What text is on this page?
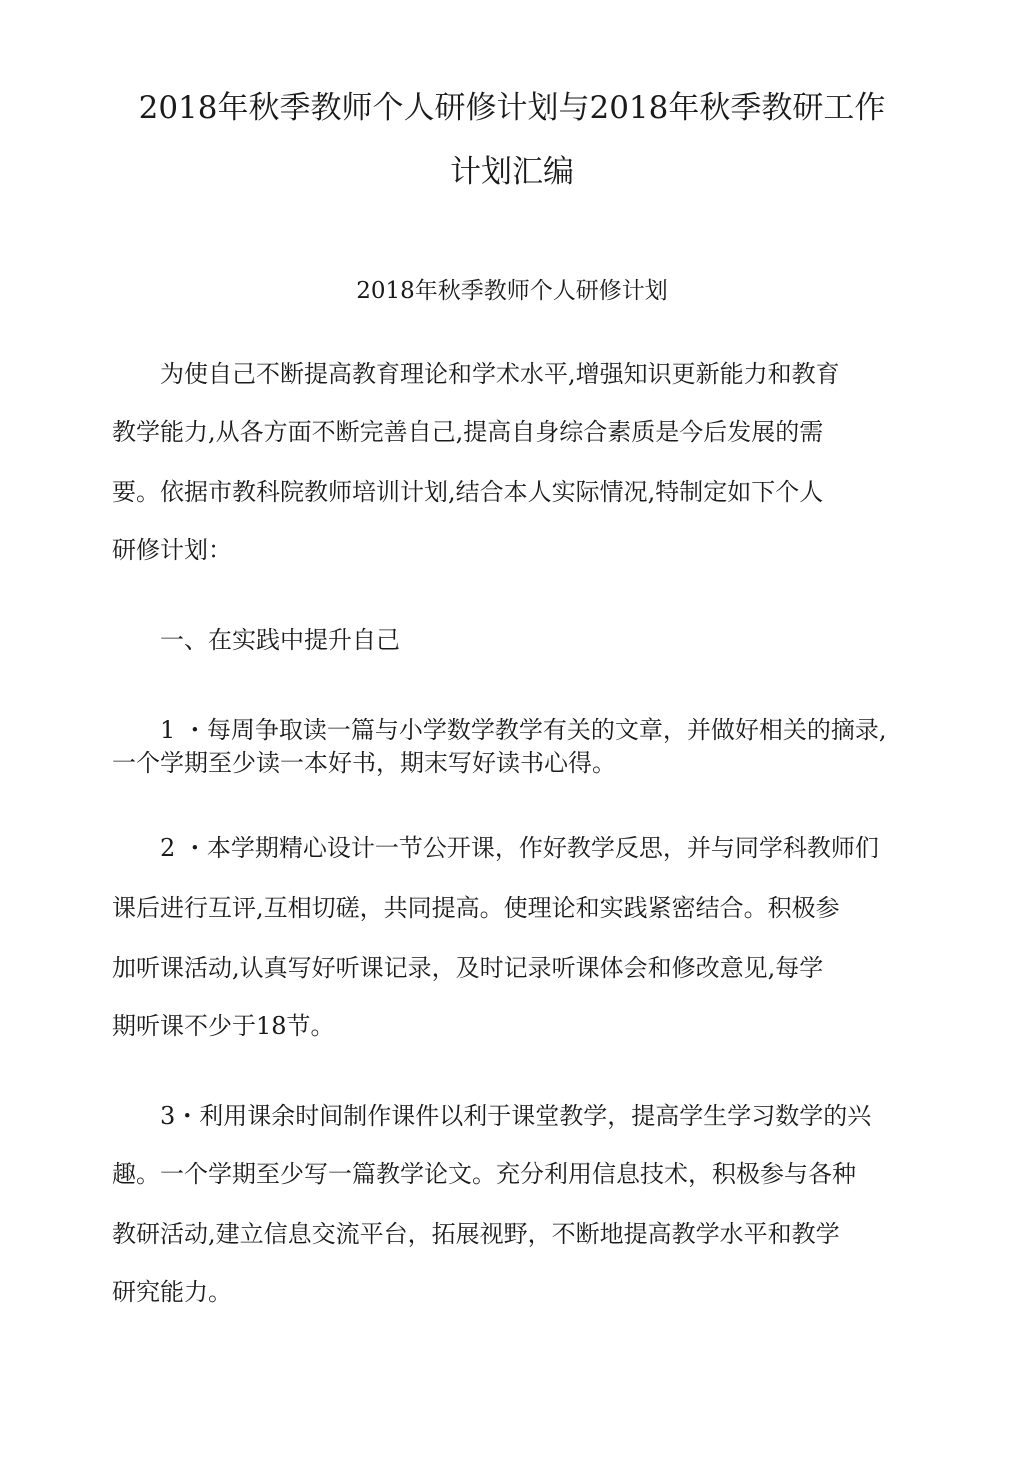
2018年秋季教师个人研修计划与2018年秋季教研工作
计划汇编
2018年秋季教师个人研修计划
为使自己不断提高教育理论和学术水平,增强知识更新能力和教育
教学能力,从各方面不断完善自己,提高自身综合素质是今后发展的需
要。依据市教科院教师培训计划,结合本人实际情况,特制定如下个人
研修计划：
一、在实践中提升自己
1 ・每周争取读一篇与小学数学教学有关的文章，并做好相关的摘录,
一个学期至少读一本好书，期末写好读书心得。
2 ・本学期精心设计一节公开课，作好教学反思，并与同学科教师们
课后进行互评,互相切磋，共同提高。使理论和实践紧密结合。积极参
加听课活动,认真写好听课记录，及时记录听课体会和修改意见,每学
期听课不少于18节。
3・利用课余时间制作课件以利于课堂教学，提高学生学习数学的兴
趣。一个学期至少写一篇教学论文。充分利用信息技术，积极参与各种
教研活动,建立信息交流平台，拓展视野，不断地提高教学水平和教学
研究能力。
